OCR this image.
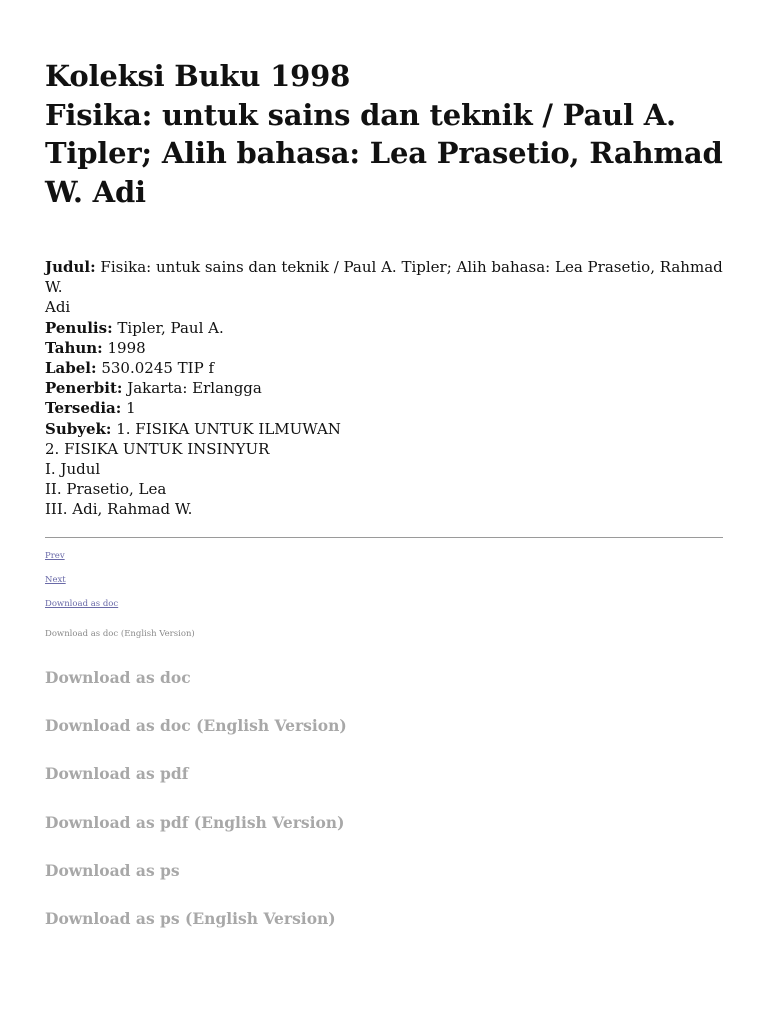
Koleksi Buku 1998
Fisika: untuk sains dan teknik / Paul A.
Tipler; Alih bahasa: Lea Prasetio, Rahmad
W. Adi
Judul: Fisika: untuk sains dan teknik / Paul A. Tipler; Alih bahasa: Lea Prasetio, Rahmad W.
Adi
Penulis: Tipler, Paul A.
Tahun: 1998
Label: 530.0245 TIP f
Penerbit: Jakarta: Erlangga
Tersedia: 1
Subyek: 1. FISIKA UNTUK ILMUWAN
2. FISIKA UNTUK INSINYUR
I. Judul
II. Prasetio, Lea
III. Adi, Rahmad W.
Prev
Next
Download as doc
Download as doc (English Version)
Download as doc
Download as doc (English Version)
Download as pdf
Download as pdf (English Version)
Download as ps
Download as ps (English Version)
